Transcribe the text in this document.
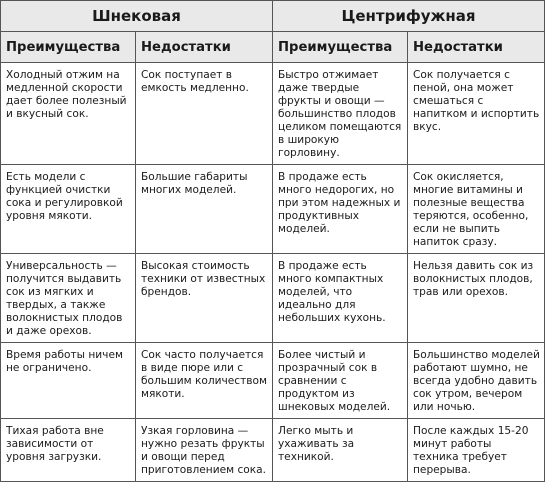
Шнековая		Центрифужная	
Преимущества	Недостатки	Преимущества	Недостатки
Холодный отжим на медленной скорости дает более полезный и вкусный сок.	Сок поступает в емкость медленно.	Быстро отжимает даже твердые фрукты и овощи — большинство плодов целиком помещаются в широкую горловину.	Сок получается с пеной, она может смешаться с напитком и испортить вкус.
Есть модели с функцией очистки сока и регулировкой уровня мякоти.	Большие габариты многих моделей.	В продаже есть много недорогих, но при этом надежных и продуктивных моделей.	Сок окисляется, многие витамины и полезные вещества теряются, особенно, если не выпить напиток сразу.
Универсальность — получится выдавить сок из мягких и твердых, а также волокнистых плодов и даже орехов.	Высокая стоимость техники от известных брендов.	В продаже есть много компактных моделей, что идеально для небольших кухонь.	Нельзя давить сок из волокнистых плодов, трав или орехов.
Время работы ничем не ограничено.	Сок часто получается в виде пюре или с большим количеством мякоти.	Более чистый и прозрачный сок в сравнении с продуктом из шнековых моделей.	Большинство моделей работают шумно, не всегда удобно давить сок утром, вечером или ночью.
Тихая работа вне зависимости от уровня загрузки.	Узкая горловина — нужно резать фрукты и овощи перед приготовлением сока.	Легко мыть и ухаживать за техникой.	После каждых 15-20 минут работы техника требует перерыва.
